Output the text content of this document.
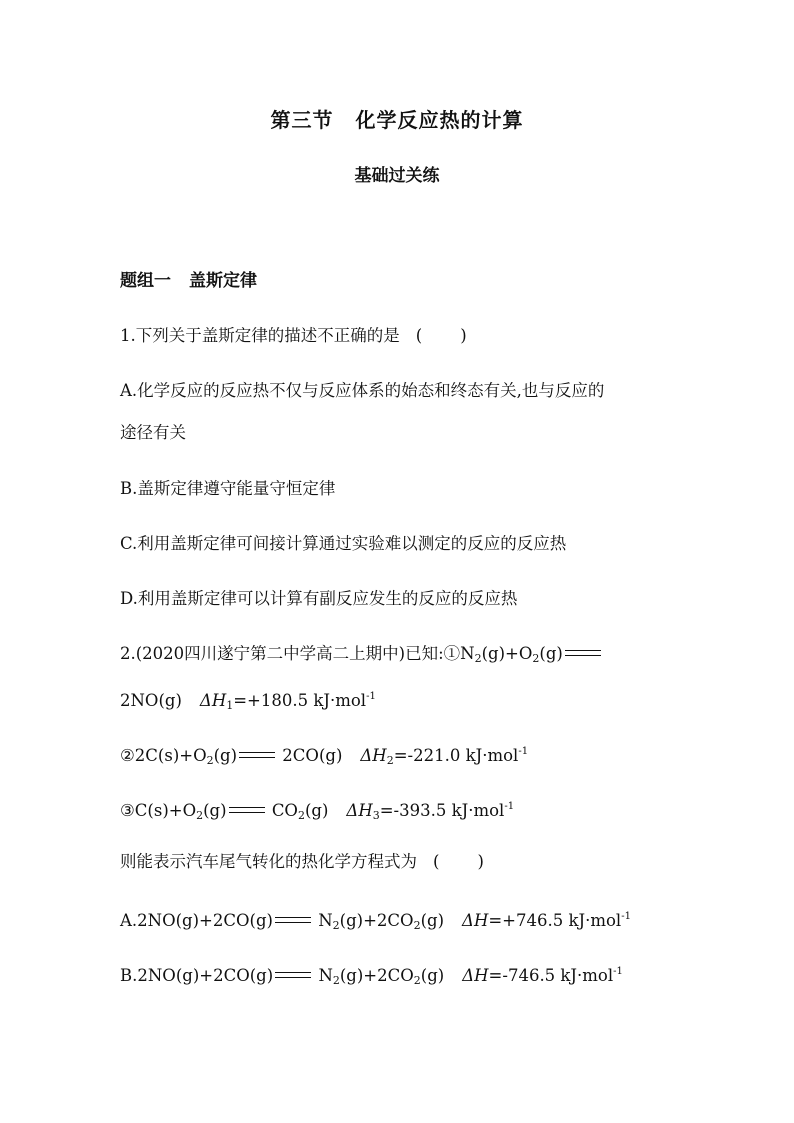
第三节 化学反应热的计算
基础过关练
题组一 盖斯定律
1.下列关于盖斯定律的描述不正确的是 ( )
A.化学反应的反应热不仅与反应体系的始态和终态有关,也与反应的
途径有关
B.盖斯定律遵守能量守恒定律
C.利用盖斯定律可间接计算通过实验难以测定的反应的反应热
D.利用盖斯定律可以计算有副反应发生的反应的反应热
2.(2020四川遂宁第二中学高二上期中)已知$:①N_2(g)+O_2(g)$
2NO(g) $\Delta H_1=+180.5$ kJ·mol$^{-1}$
$②2C(s)+O_2(g)$	2CO(g) $\Delta H_2=-221.0$ kJ·mol$^{-1}$
$③C(s)+O_2(g)$	$CO_2(g)$ $\Delta H_3=-393.5$ kJ·mol$^{-1}$
则能表示汽车尾气转化的热化学方程式为 ( )
A.2NO(g)+2CO(g)	$N_2(g)+2CO_2(g)$ ΔH=+746.5 kJ·mol$^{-1}$
B.2NO(g)+2CO(g)	$N_2(g)+2CO_2(g)$ ΔH=-746.5 kJ·mol$^{-1}$
